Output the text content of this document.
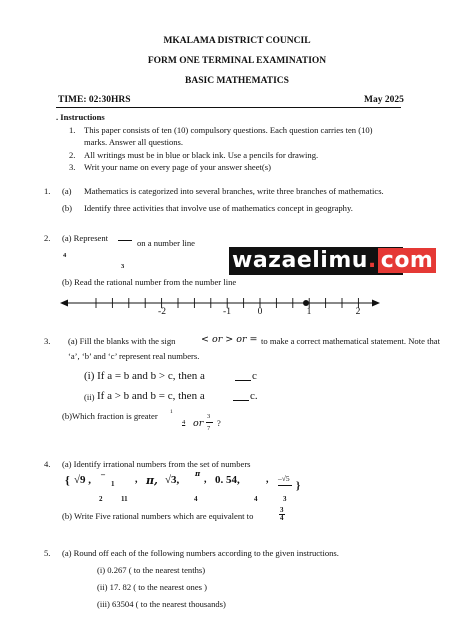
MKALAMA DISTRICT COUNCIL
FORM ONE TERMINAL EXAMINATION
BASIC MATHEMATICS
TIME: 02:30HRS	May 2025
. Instructions
1. This paper consists of ten (10) compulsory questions. Each question carries ten (10)
marks. Answer all questions.
2. All writings must be in blue or black ink. Use a pencils for drawing.
3. Writ your name on every page of your answer sheet(s)
1. (a) Mathematics is categorized into several branches, write three branches of mathematics.
(b) Identify three activities that involve use of mathematics concept in geography.
2. (a) Represent	on a number line
4
3	wazaelimu. com
(b) Read the rational number from the number line
-2	-1	0	1	2
3. (a) Fill the blanks with the sign	< or > or = to make a correct mathematical statement. Note that
‘a’, ‘b’ and ‘c’ represent real numbers.
(i) If a = b and b > c, then a	c
(ii) If a > b and b = c, then a	c.
(b)Which fraction is greater 1
4 or
3
7
?
4. (a) Identify irrational numbers from the set of numbers
{ √9 , –
1 , π, √3,
π
, 0. 54,	, –√5
}
2	11	4	4	3
(b) Write Five rational numbers which are equivalent to	$\frac{3}{4}$
5. (a) Round off each of the following numbers according to the given instructions.
(i) 0.267 ( to the nearest tenths)
(ii) 17. 82 ( to the nearest ones )
(iii) 63504 ( to the nearest thousands)
